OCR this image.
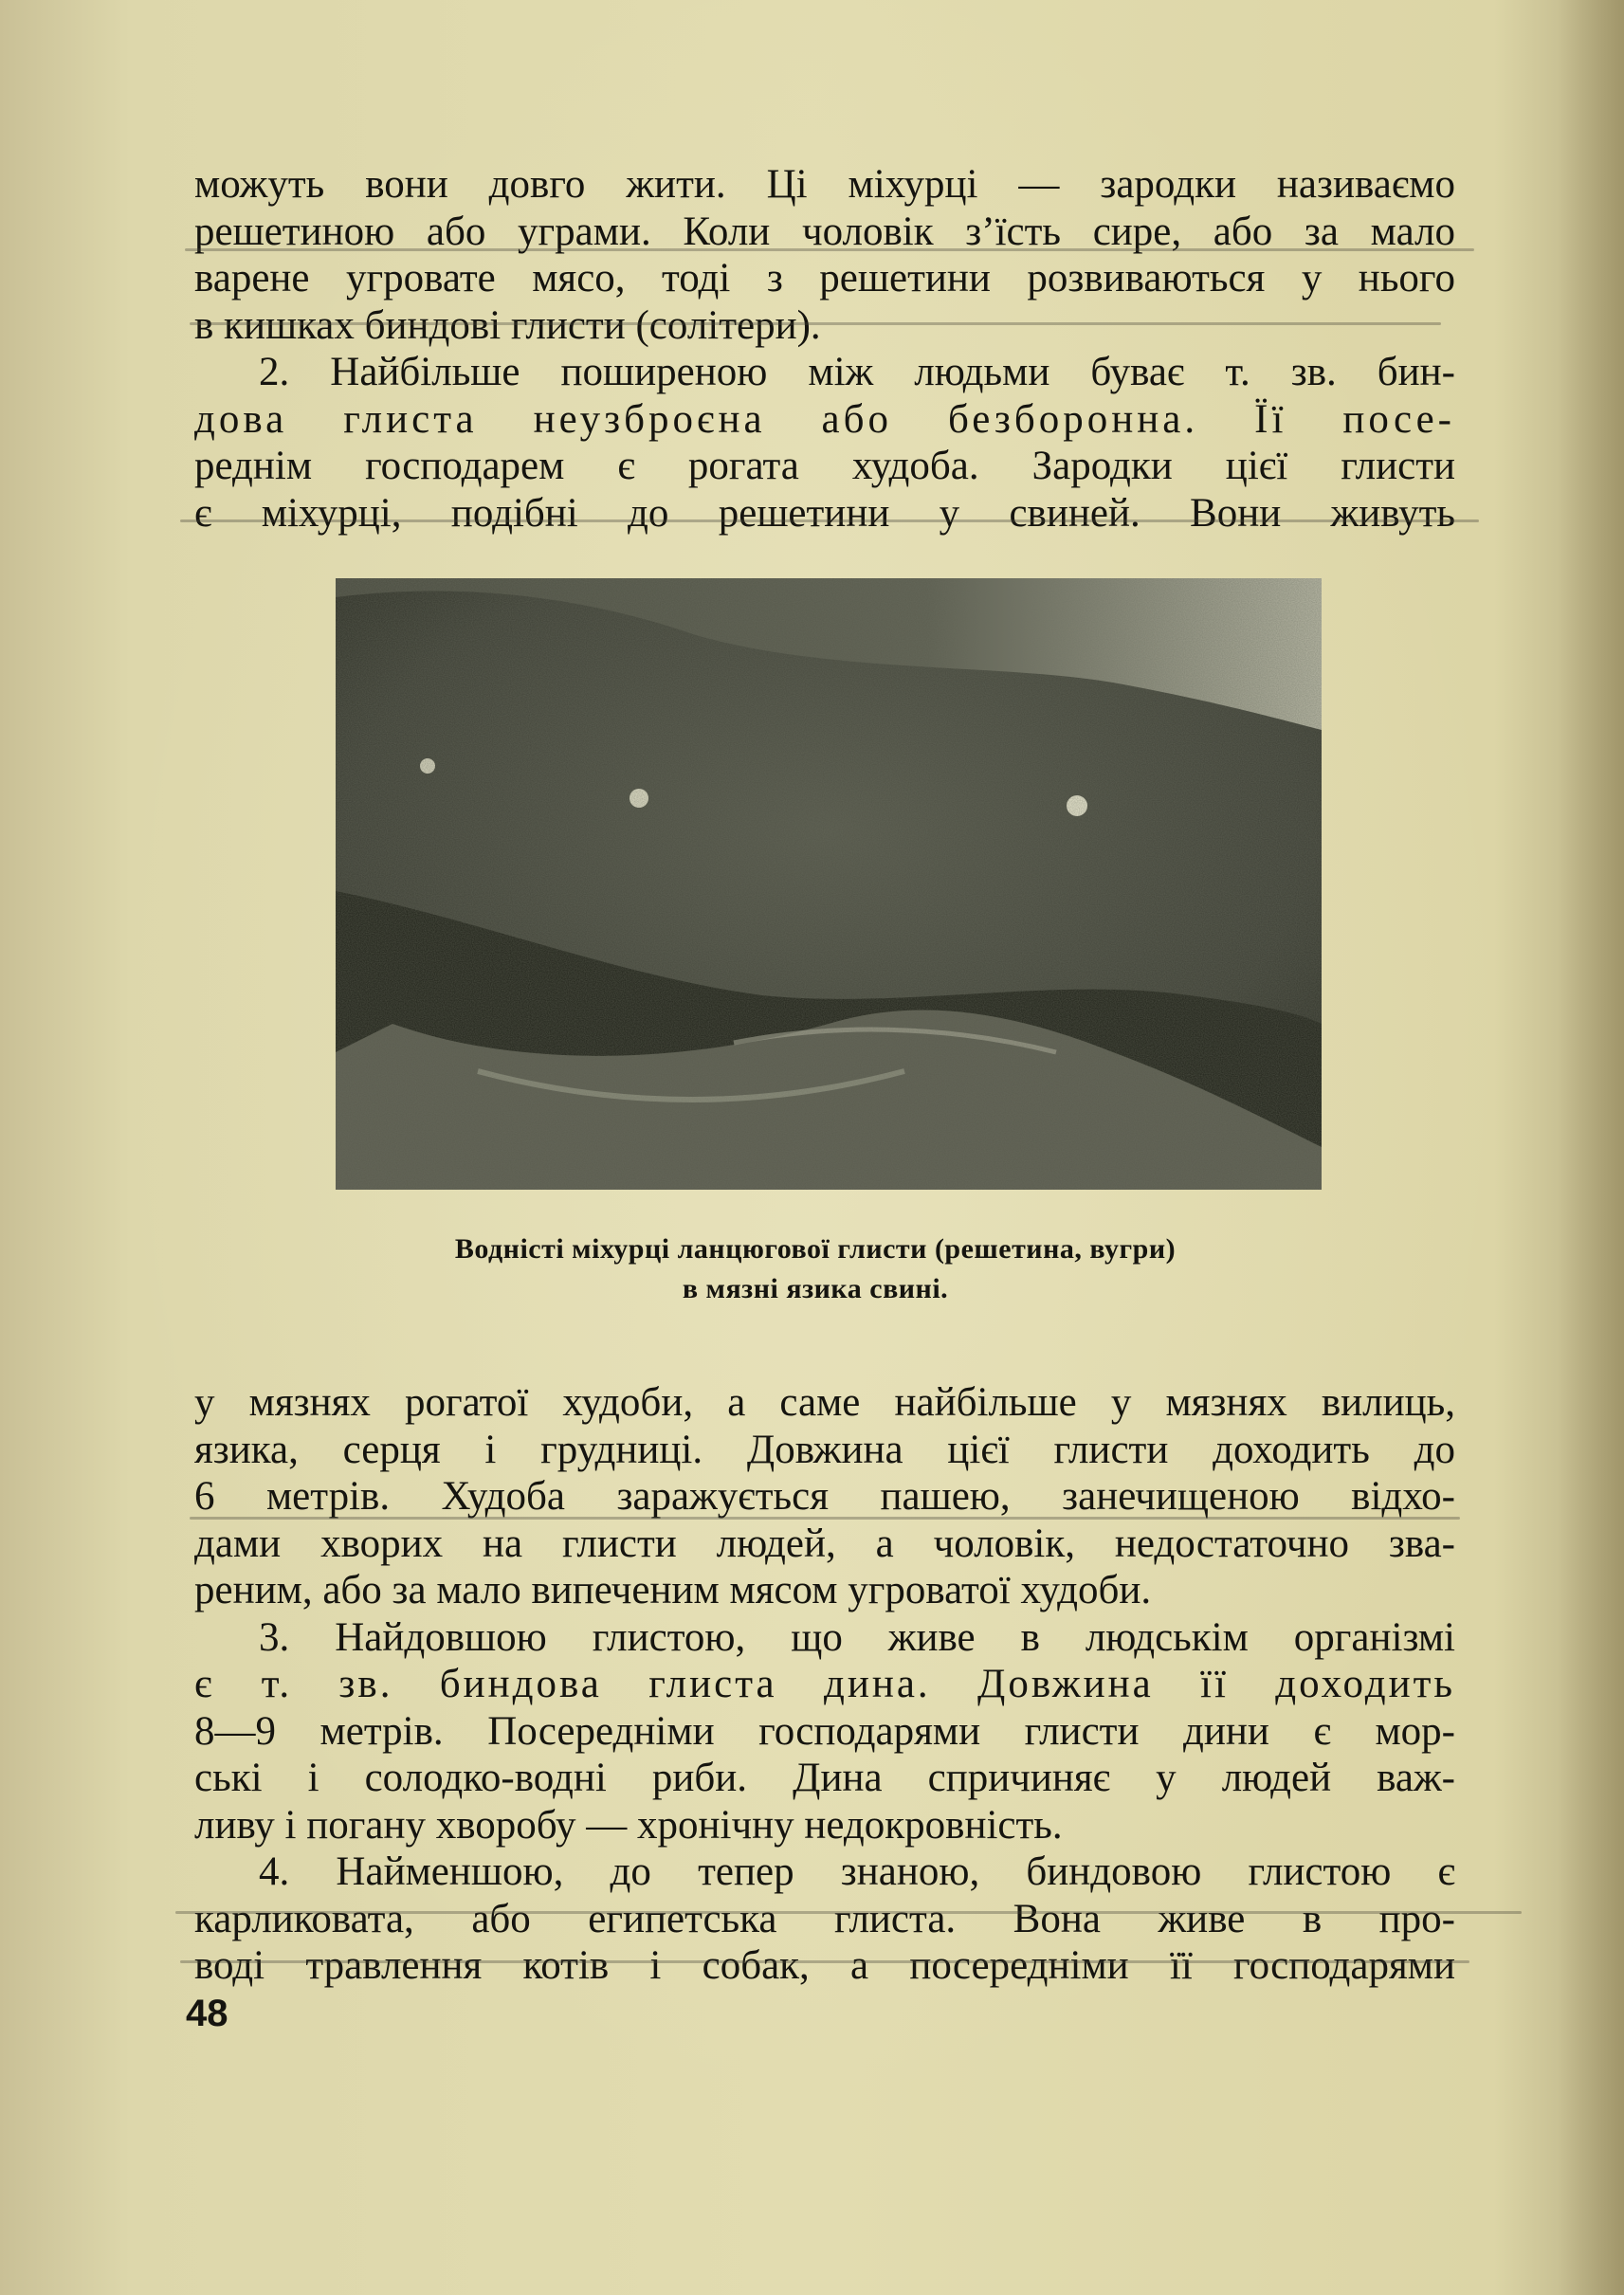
можуть вони довго жити. Ці міхурці — зародки називаємо
решетиною або уграми. Коли чоловік з’їсть сире, або за мало
варене угровате мясо, тоді з решетини розвиваються у нього
в кишках биндові глисти (солітери).
2. Найбільше поширеною між людьми буває т. зв. бин-
дова глиста неузброєна або безборонна. Її посе-
реднім господарем є рогата худоба. Зародки цієї глисти
є міхурці, подібні до решетини у свиней. Вони живуть
Водністі міхурці ланцюгової глисти (решетина, вугри)
в мязні язика свині.
у мязнях рогатої худоби, а саме найбільше у мязнях вилиць,
язика, серця і грудниці. Довжина цієї глисти доходить до
6 метрів. Худоба заражується пашею, занечищеною відхо-
дами хворих на глисти людей, а чоловік, недостаточно зва-
реним, або за мало випеченим мясом угроватої худоби.
3. Найдовшою глистою, що живе в людськім організмі
є т. зв. биндова глиста дина. Довжина її доходить
8—9 метрів. Посередніми господарями глисти дини є мор-
ські і солодко-водні риби. Дина спричиняє у людей важ-
ливу і погану хворобу — хронічну недокровність.
4. Найменшою, до тепер знаною, биндовою глистою є
карликовата, або египетська глиста. Вона живе в про-
воді травлення котів і собак, а посередніми її господарями
48
